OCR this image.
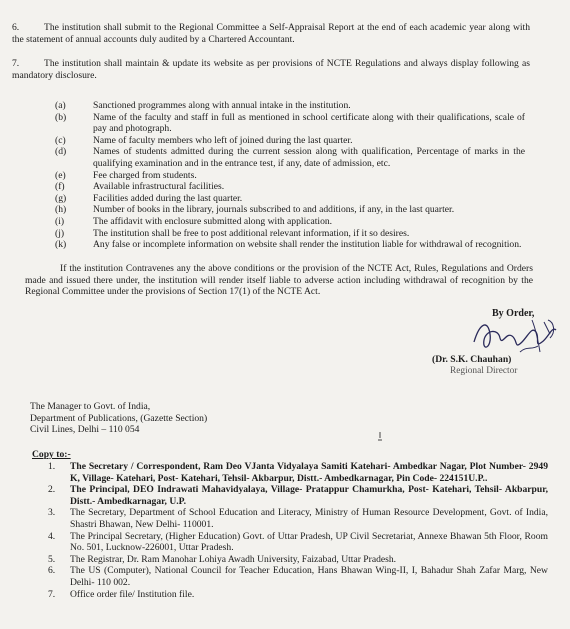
6.	The institution shall submit to the Regional Committee a Self-Appraisal Report at the end of each academic year along with the statement of annual accounts duly audited by a Chartered Accountant.
7.	The institution shall maintain & update its website as per provisions of NCTE Regulations and always display following as mandatory disclosure.
(a)	Sanctioned programmes along with annual intake in the institution.
(b)	Name of the faculty and staff in full as mentioned in school certificate along with their qualifications, scale of pay and photograph.
(c)	Name of faculty members who left of joined during the last quarter.
(d)	Names of students admitted during the current session along with qualification, Percentage of marks in the qualifying examination and in the entrance test, if any, date of admission, etc.
(e)	Fee charged from students.
(f)	Available infrastructural facilities.
(g)	Facilities added during the last quarter.
(h)	Number of books in the library, journals subscribed to and additions, if any, in the last quarter.
(i)	The affidavit with enclosure submitted along with application.
(j)	The institution shall be free to post additional relevant information, if it so desires.
(k)	Any false or incomplete information on website shall render the institution liable for withdrawal of recognition.
If the institution Contravenes any the above conditions or the provision of the NCTE Act, Rules, Regulations and Orders made and issued there under, the institution will render itself liable to adverse action including withdrawal of recognition by the Regional Committee under the provisions of Section 17(1) of the NCTE Act.
By Order,
(Dr. S.K. Chauhan)
Regional Director
The Manager to Govt. of India,
Department of Publications, (Gazette Section)
Civil Lines, Delhi – 110 054
Copy to:-
1.	The Secretary / Correspondent, Ram Deo VJanta Vidyalaya Samiti Katehari- Ambedkar Nagar, Plot Number- 2949 K, Village- Katehari, Post- Katehari, Tehsil- Akbarpur, Distt.- Ambedkarnagar, Pin Code- 224151U.P..
2.	The Principal, DEO Indrawati Mahavidyalaya, Village- Pratappur Chamurkha, Post- Katehari, Tehsil- Akbarpur, Distt.- Ambedkarnagar, U.P.
3.	The Secretary, Department of School Education and Literacy, Ministry of Human Resource Development, Govt. of India, Shastri Bhawan, New Delhi- 110001.
4.	The Principal Secretary, (Higher Education) Govt. of Uttar Pradesh, UP Civil Secretariat, Annexe Bhawan 5th Floor, Room No. 501, Lucknow-226001, Uttar Pradesh.
5.	The Registrar, Dr. Ram Manohar Lohiya Awadh University, Faizabad, Uttar Pradesh.
6.	The US (Computer), National Council for Teacher Education, Hans Bhawan Wing-II, I, Bahadur Shah Zafar Marg, New Delhi- 110 002.
7.	Office order file/ Institution file.
